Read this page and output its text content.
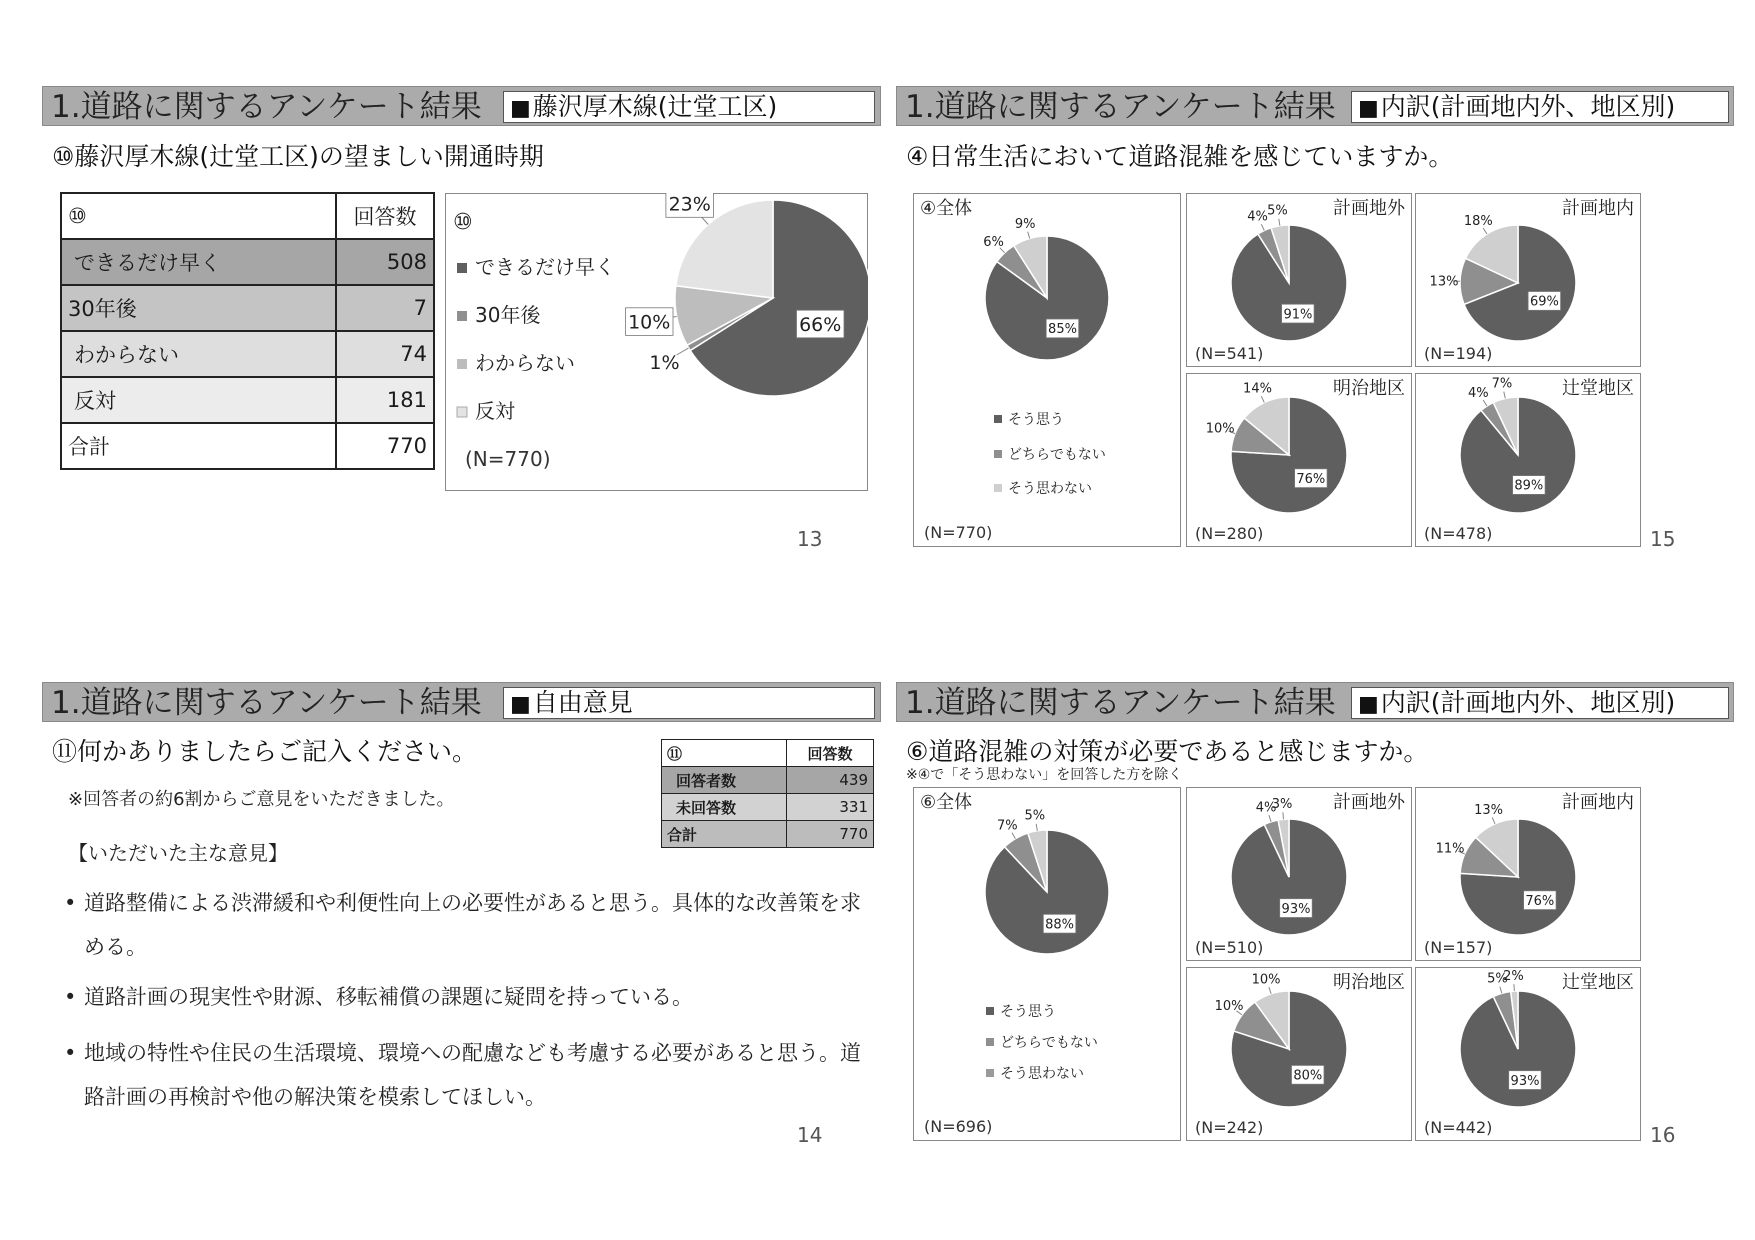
1.道路に関するアンケート結果	■藤沢厚木線(辻堂工区)
⑩藤沢厚木線(辻堂工区)の望ましい開通時期
⑩	回答数
できるだけ早く	508
30年後	7
わからない	74
反対	181
合計	770
⑩
できるだけ早く
30年後
わからない
反対
(N=770)
66%
1%
10%
23%
13
1.道路に関するアンケート結果	■内訳(計画地内外、地区別)
④日常生活において道路混雑を感じていますか。
④全体
85%
6%
9%
そう思う
どちらでもない
そう思わない
(N=770)
計画地外
91%
4% 5%
(N=541)
計画地内
69%
13%
18%
(N=194)
明治地区
76%
10%
14%
(N=280)
辻堂地区
89%
4%
7%
(N=478)	15
1.道路に関するアンケート結果	■自由意見
⑪何かありましたらご記入ください。
※回答者の約6割からご意見をいただきました。
【いただいた主な意見】
⑪	回答数
回答者数	439
未回答数	331
合計	770
• 道路整備による渋滞緩和や利便性向上の必要性があると思う。具体的な改善策を求める。
• 道路計画の現実性や財源、移転補償の課題に疑問を持っている。
• 地域の特性や住民の生活環境、環境への配慮なども考慮する必要があると思う。道路計画の再検討や他の解決策を模索してほしい。
14
1.道路に関するアンケート結果	■内訳(計画地内外、地区別)
⑥道路混雑の対策が必要であると感じますか。
※④で「そう思わない」を回答した方を除く
⑥全体
88%
7%
5%
そう思う
どちらでもない
そう思わない
(N=696)
計画地外
93%
4%
3%
(N=510)
計画地内
76%
11%
13%
(N=157)
明治地区
80%
10%
10%
(N=242)
辻堂地区
93%
5%
2%
(N=442)	16
